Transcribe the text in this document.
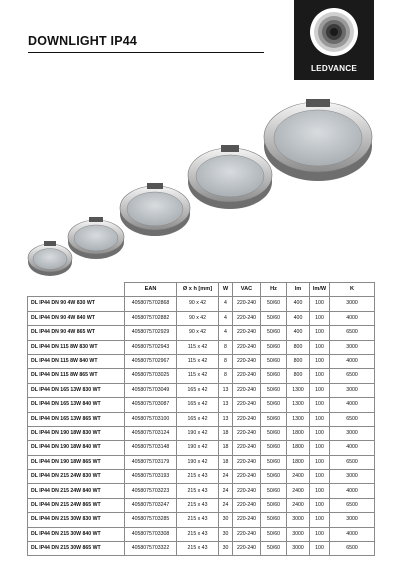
DOWNLIGHT IP44
LEDVANCE
	EAN	Ø x h [mm]	W	VAC	Hz	lm	lm/W	K
DL IP44 DN 90 4W 830 WT	4058075702868	90 x 42	4	220-240	50/60	400	100	3000
DL IP44 DN 90 4W 840 WT	4058075702882	90 x 42	4	220-240	50/60	400	100	4000
DL IP44 DN 90 4W 865 WT	4058075702929	90 x 42	4	220-240	50/60	400	100	6500
DL IP44 DN 115 8W 830 WT	4058075702943	115 x 42	8	220-240	50/60	800	100	3000
DL IP44 DN 115 8W 840 WT	4058075702967	115 x 42	8	220-240	50/60	800	100	4000
DL IP44 DN 115 8W 865 WT	4058075703025	115 x 42	8	220-240	50/60	800	100	6500
DL IP44 DN 165 13W 830 WT	4058075703049	165 x 42	13	220-240	50/60	1300	100	3000
DL IP44 DN 165 13W 840 WT	4058075703087	165 x 42	13	220-240	50/60	1300	100	4000
DL IP44 DN 165 13W 865 WT	4058075703100	165 x 42	13	220-240	50/60	1300	100	6500
DL IP44 DN 190 18W 830 WT	4058075703124	190 x 42	18	220-240	50/60	1800	100	3000
DL IP44 DN 190 18W 840 WT	4058075703148	190 x 42	18	220-240	50/60	1800	100	4000
DL IP44 DN 190 18W 865 WT	4058075703179	190 x 42	18	220-240	50/60	1800	100	6500
DL IP44 DN 215 24W 830 WT	4058075703193	215 x 43	24	220-240	50/60	2400	100	3000
DL IP44 DN 215 24W 840 WT	4058075703223	215 x 43	24	220-240	50/60	2400	100	4000
DL IP44 DN 215 24W 865 WT	4058075703247	215 x 43	24	220-240	50/60	2400	100	6500
DL IP44 DN 215 30W 830 WT	4058075703285	215 x 43	30	220-240	50/60	3000	100	3000
DL IP44 DN 215 30W 840 WT	4058075703308	215 x 43	30	220-240	50/60	3000	100	4000
DL IP44 DN 215 30W 865 WT	4058075703322	215 x 43	30	220-240	50/60	3000	100	6500
